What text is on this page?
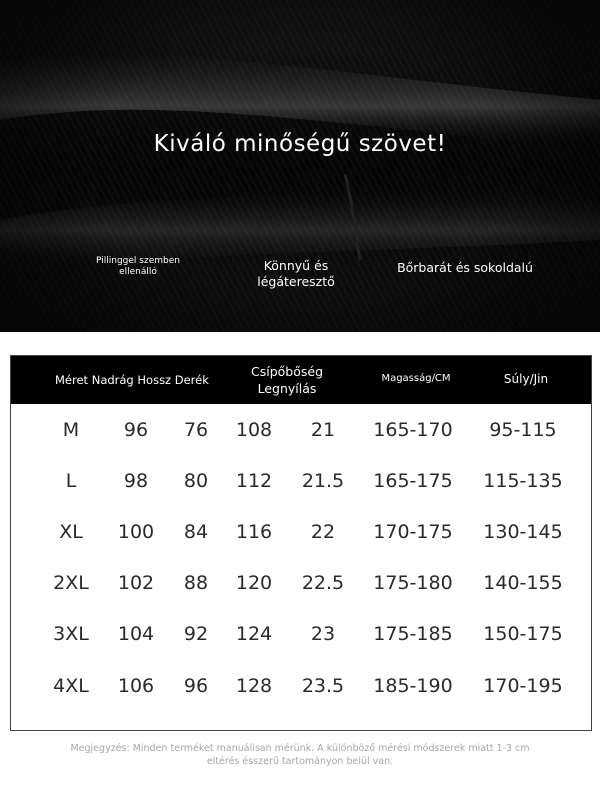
Kiváló minőségű szövet!
Pillinggel szemben
ellenálló	Könnyű és
légáteresztő
Bőrbarát és sokoldalú
Méret Nadrág Hossz Derék
Csípőbőség
Legnyílás
Magasság/CM	Súly/Jin
M	96	76	108	21	165-170	95-115
L	98	80	112	21.5	165-175	115-135
XL	100	84	116	22	170-175	130-145
2XL	102	88	120	22.5	175-180	140-155
3XL	104	92	124	23	175-185	150-175
4XL	106	96	128	23.5	185-190	170-195
Megjegyzés: Minden terméket manuálisan mérünk. A különböző mérési módszerek miatt 1-3 cm
eltérés ésszerű tartományon belül van.
